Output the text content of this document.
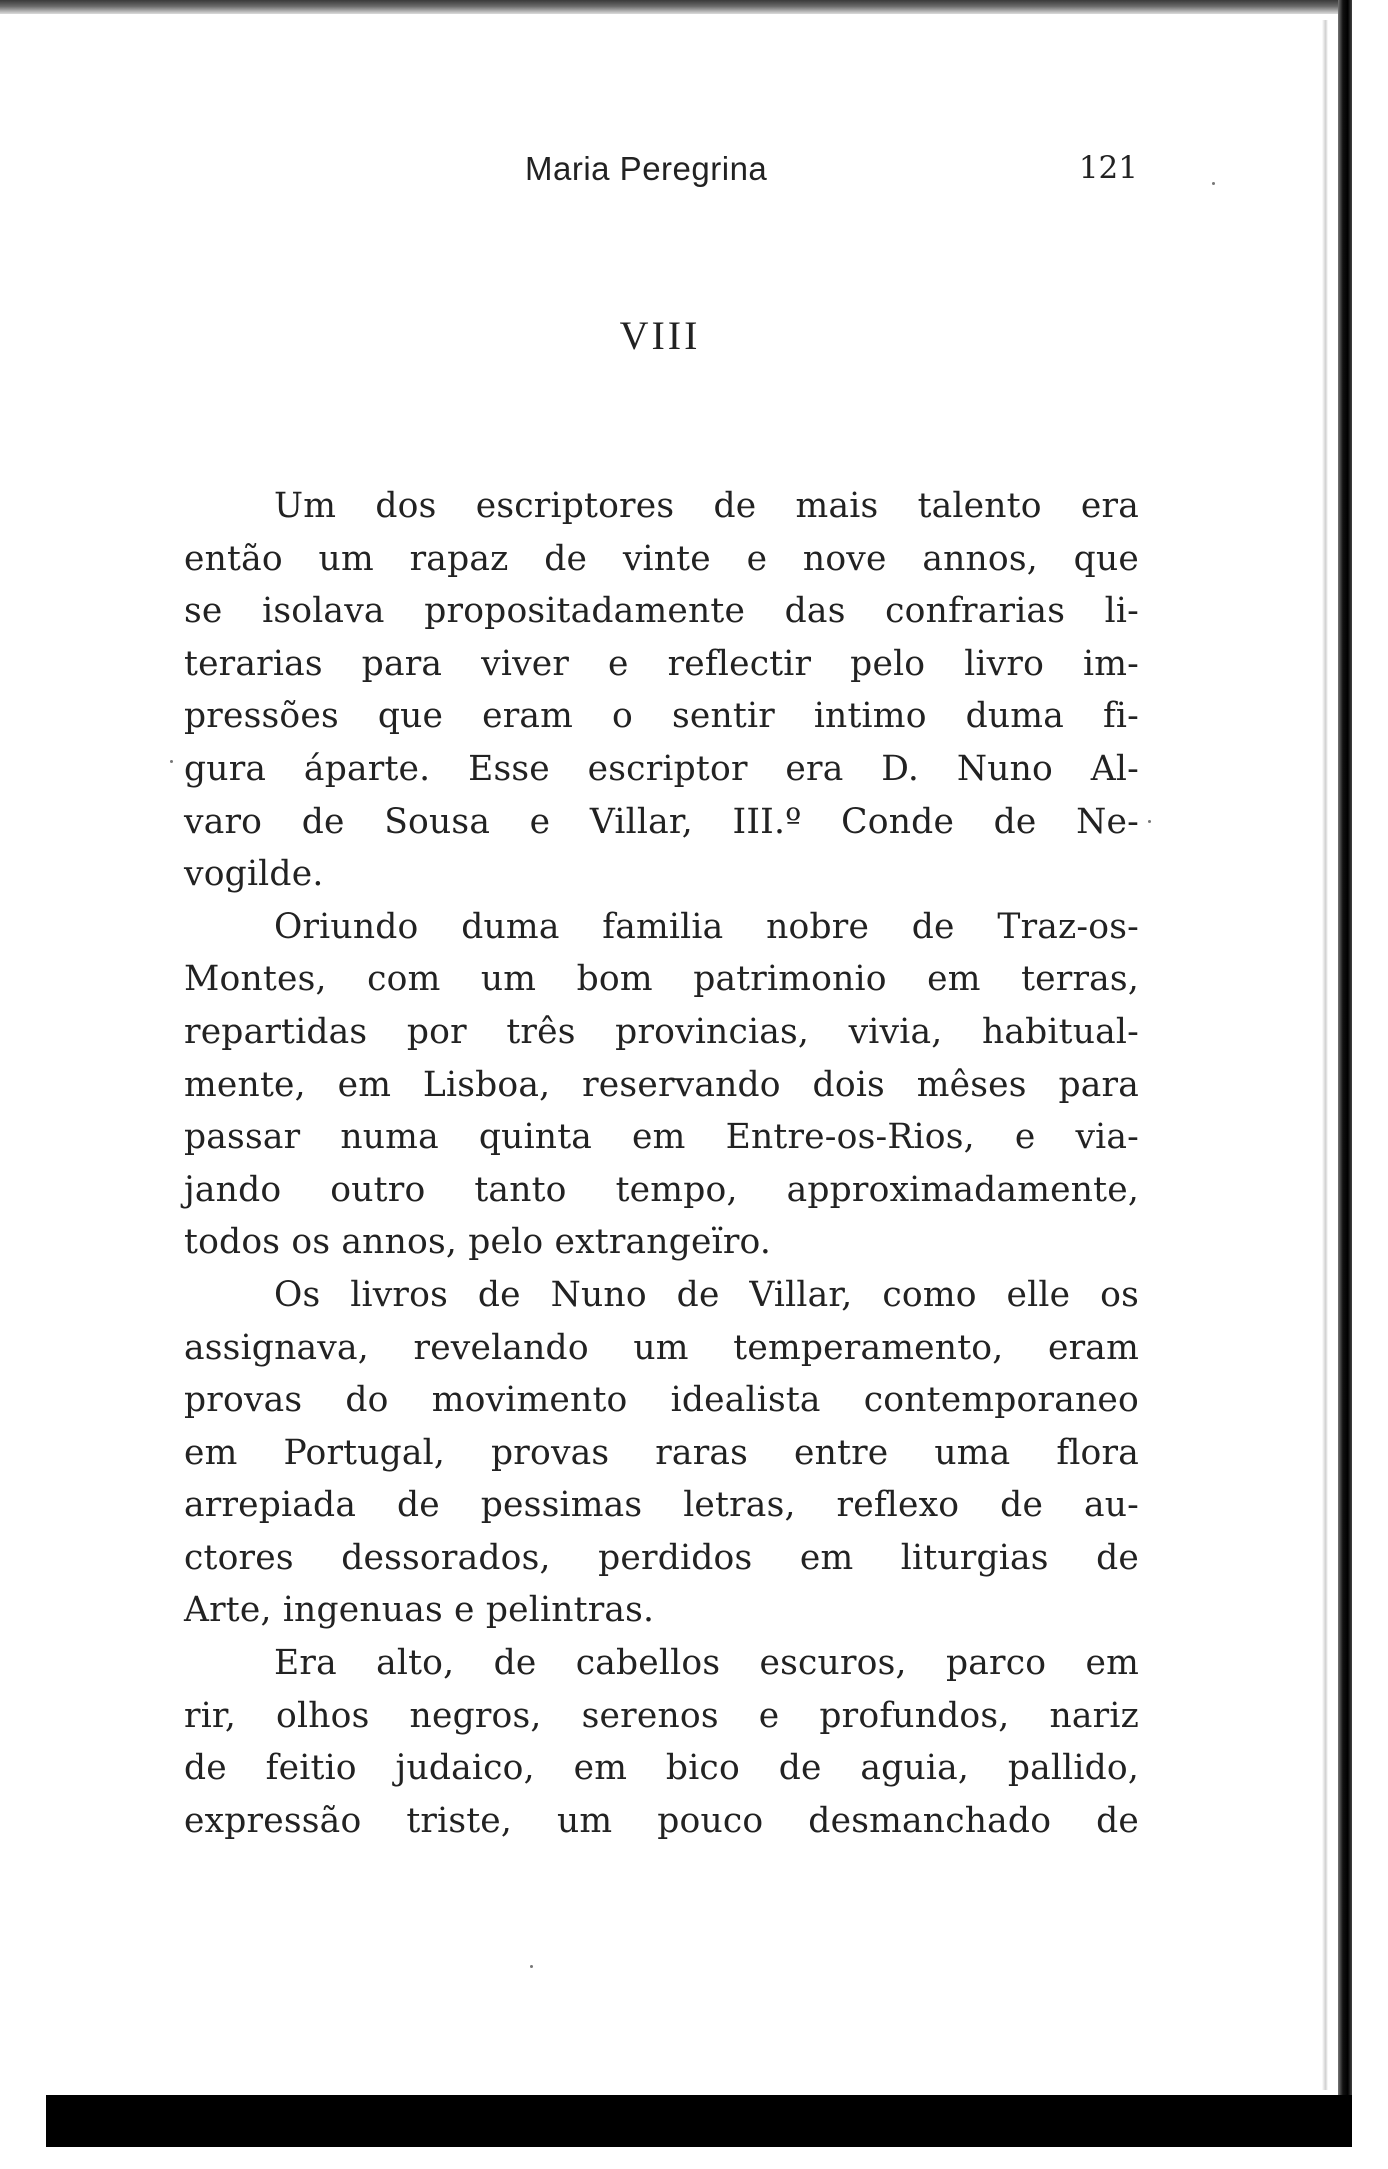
Maria Peregrina	121
VIII
Um dos escriptores de mais talento era
então um rapaz de vinte e nove annos, que
se isolava propositadamente das confrarias li-
terarias para viver e reflectir pelo livro im-
pressões que eram o sentir intimo duma fi-
gura áparte. Esse escriptor era D. Nuno Al-
varo de Sousa e Villar, III.º Conde de Ne-
vogilde.
Oriundo duma familia nobre de Traz-os-
Montes, com um bom patrimonio em terras,
repartidas por três provincias, vivia, habitual-
mente, em Lisboa, reservando dois mêses para
passar numa quinta em Entre-os-Rios, e via-
jando outro tanto tempo, approximadamente,
todos os annos, pelo extrangeïro.
Os livros de Nuno de Villar, como elle os
assignava, revelando um temperamento, eram
provas do movimento idealista contemporaneo
em Portugal, provas raras entre uma flora
arrepiada de pessimas letras, reflexo de au-
ctores dessorados, perdidos em liturgias de
Arte, ingenuas e pelintras.
Era alto, de cabellos escuros, parco em
rir, olhos negros, serenos e profundos, nariz
de feitio judaico, em bico de aguia, pallido,
expressão triste, um pouco desmanchado de
